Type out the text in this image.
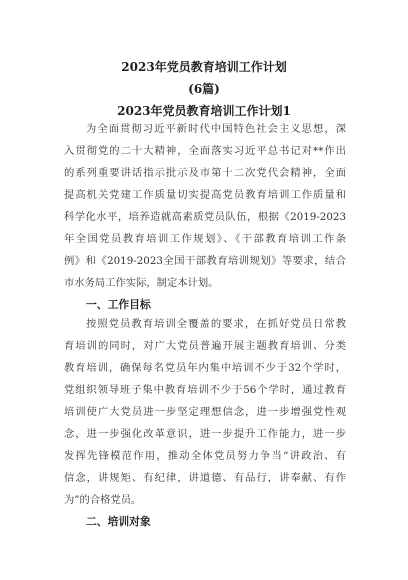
2023年党员教育培训工作计划
(6篇)
2023年党员教育培训工作计划1
为全面贯彻习近平新时代中国特色社会主义思想，深
入贯彻党的二十大精神，全面落实习近平总书记对**作出
的系列重要讲话指示批示及市第十二次党代会精神，全面
提高机关党建工作质量切实提高党员教育培训工作质量和
科学化水平，培养造就高素质党员队伍，根据《2019-2023
年全国党员教育培训工作规划》、《干部教育培训工作条
例》和《2019-2023全国干部教育培训规划》等要求，结合
市水务局工作实际，制定本计划。
一、工作目标
按照党员教育培训全覆盖的要求，在抓好党员日常教
育培训的同时，对广大党员普遍开展主题教育培训、分类
教育培训，确保每名党员年内集中培训不少于32个学时，
党组织领导班子集中教育培训不少于56个学时，通过教育
培训使广大党员进一步坚定理想信念，进一步增强党性观
念，进一步强化改革意识，进一步提升工作能力，进一步
发挥先锋模范作用，推动全体党员努力争当“讲政治、有
信念，讲规矩、有纪律，讲道德、有品行，讲奉献、有作
为”的合格党员。
二、培训对象
